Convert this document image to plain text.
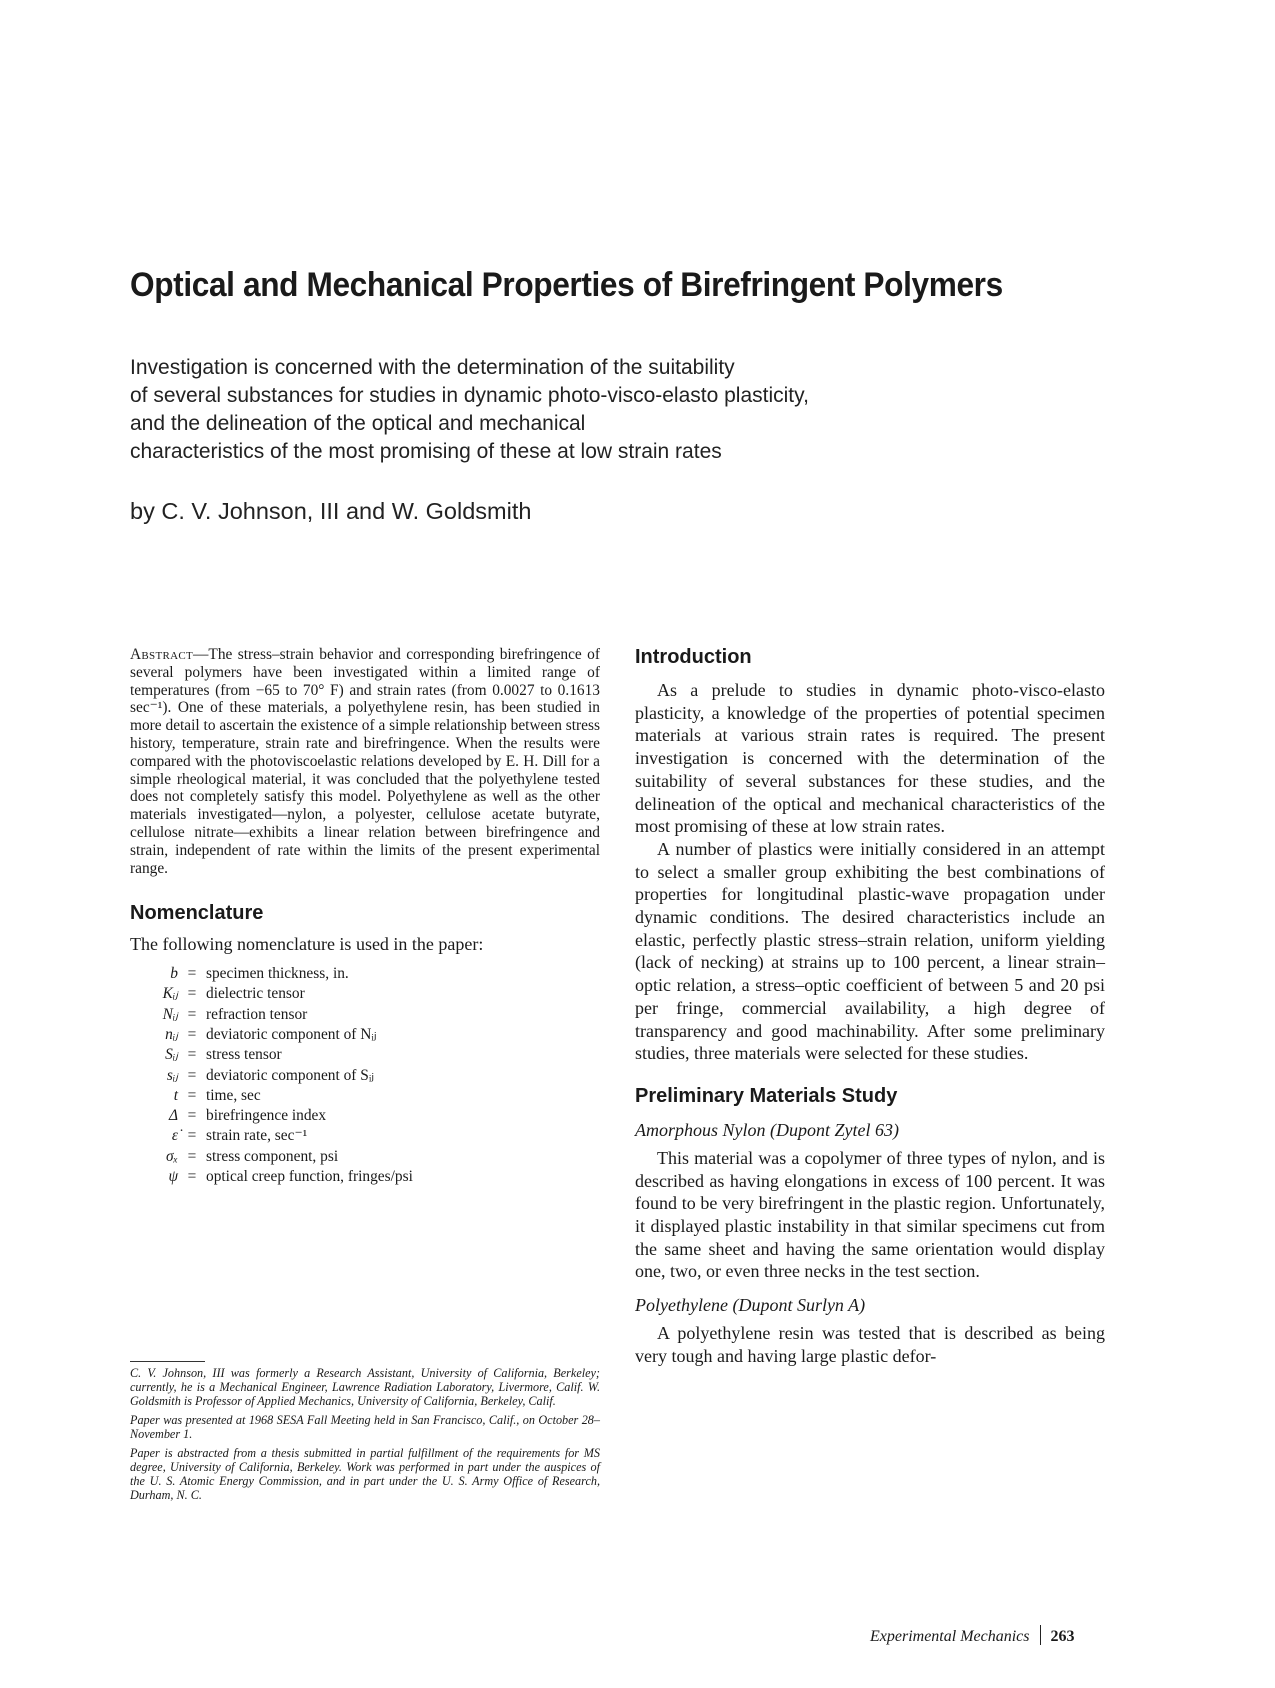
Optical and Mechanical Properties of Birefringent Polymers
Investigation is concerned with the determination of the suitability
of several substances for studies in dynamic photo-visco-elasto plasticity,
and the delineation of the optical and mechanical
characteristics of the most promising of these at low strain rates
by C. V. Johnson, III and W. Goldsmith

Abstract—The stress–strain behavior and corresponding birefringence of several polymers have been investigated within a limited range of temperatures (from −65 to 70° F) and strain rates (from 0.0027 to 0.1613 sec⁻¹). One of these materials, a polyethylene resin, has been studied in more detail to ascertain the existence of a simple relationship between stress history, temperature, strain rate and birefringence. When the results were compared with the photoviscoelastic relations developed by E. H. Dill for a simple rheological material, it was concluded that the polyethylene tested does not completely satisfy this model. Polyethylene as well as the other materials investigated—nylon, a polyester, cellulose acetate butyrate, cellulose nitrate—exhibits a linear relation between birefringence and strain, independent of rate within the limits of the present experimental range.

Nomenclature

The following nomenclature is used in the paper:

b = specimen thickness, in.
Kᵢⱼ = dielectric tensor
Nᵢⱼ = refraction tensor
nᵢⱼ = deviatoric component of Nᵢⱼ
Sᵢⱼ = stress tensor
sᵢⱼ = deviatoric component of Sᵢⱼ
t = time, sec
Δ = birefringence index
ε̇ = strain rate, sec⁻¹
σₓ = stress component, psi
ψ = optical creep function, fringes/psi

C. V. Johnson, III was formerly a Research Assistant, University of California, Berkeley; currently, he is a Mechanical Engineer, Lawrence Radiation Laboratory, Livermore, Calif. W. Goldsmith is Professor of Applied Mechanics, University of California, Berkeley, Calif.

Paper was presented at 1968 SESA Fall Meeting held in San Francisco, Calif., on October 28–November 1.

Paper is abstracted from a thesis submitted in partial fulfillment of the requirements for MS degree, University of California, Berkeley. Work was performed in part under the auspices of the U. S. Atomic Energy Commission, and in part under the U. S. Army Office of Research, Durham, N. C.

Introduction

As a prelude to studies in dynamic photo-visco-elasto plasticity, a knowledge of the properties of potential specimen materials at various strain rates is required. The present investigation is concerned with the determination of the suitability of several substances for these studies, and the delineation of the optical and mechanical characteristics of the most promising of these at low strain rates.

A number of plastics were initially considered in an attempt to select a smaller group exhibiting the best combinations of properties for longitudinal plastic-wave propagation under dynamic conditions. The desired characteristics include an elastic, perfectly plastic stress–strain relation, uniform yielding (lack of necking) at strains up to 100 percent, a linear strain–optic relation, a stress–optic coefficient of between 5 and 20 psi per fringe, commercial availability, a high degree of transparency and good machinability. After some preliminary studies, three materials were selected for these studies.

Preliminary Materials Study

Amorphous Nylon (Dupont Zytel 63)

This material was a copolymer of three types of nylon, and is described as having elongations in excess of 100 percent. It was found to be very birefringent in the plastic region. Unfortunately, it displayed plastic instability in that similar specimens cut from the same sheet and having the same orientation would display one, two, or even three necks in the test section.

Polyethylene (Dupont Surlyn A)

A polyethylene resin was tested that is described as being very tough and having large plastic defor-

Experimental Mechanics 263
